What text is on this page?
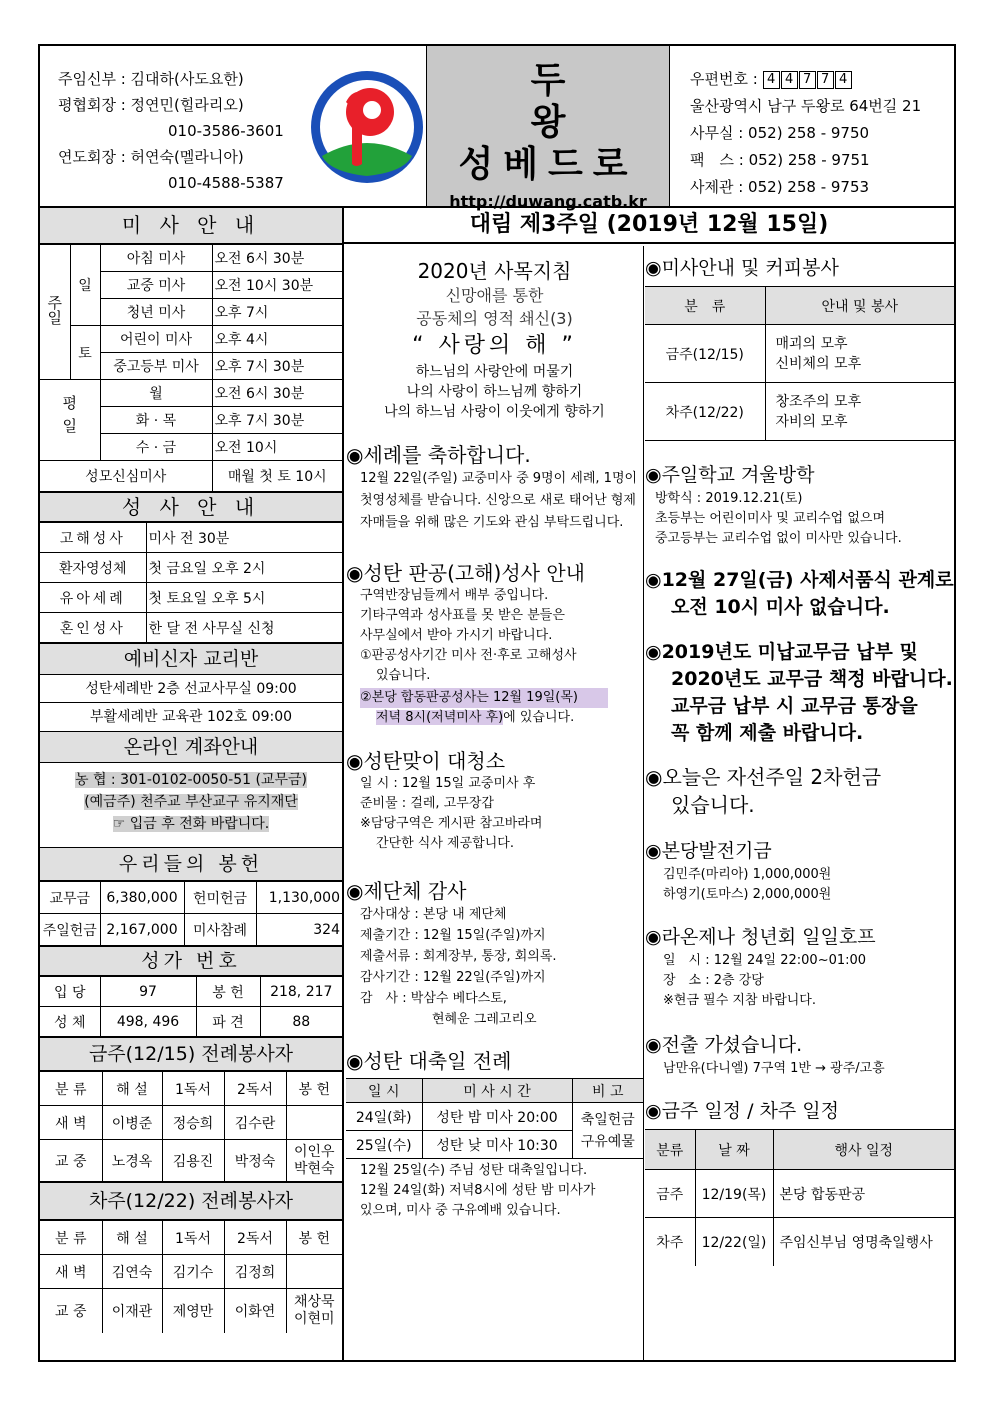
주임신부 : 김대하(사도요한)
평협회장 : 정연민(힐라리오)
010-3586-3601
연도회장 : 허연숙(멜라니아)
010-4588-5387
두 왕
성베드로
http://duwang.catb.kr
우편번호 : 4 4 7 7 4
울산광역시 남구 두왕로 64번길 21
사무실 : 052) 258 - 9750
팩　스 : 052) 258 - 9751
사제관 : 052) 258 - 9753
대림 제3주일 (2019년 12월 15일)
미 사 안 내
주일	일	아침 미사	오전 6시 30분
		교중 미사	오전 10시 30분
		청년 미사	오후 7시
	토	어린이 미사	오후 4시
		중고등부 미사	오후 7시 30분
평일		월	오전 6시 30분
		화 · 목	오후 7시 30분
		수 · 금	오전 10시
성모신심미사			매월 첫 토 10시
성 사 안 내
고해성사	미사 전 30분
환자영성체	첫 금요일 오후 2시
유아세례	첫 토요일 오후 5시
혼인성사	한 달 전 사무실 신청
예비신자 교리반
성탄세례반 2층 선교사무실 09:00
부활세례반 교육관 102호 09:00
온라인 계좌안내
농 협 : 301-0102-0050-51 (교무금)
(예금주) 천주교 부산교구 유지재단
☞ 입금 후 전화 바랍니다.
우리들의 봉헌
교무금	6,380,000	헌미헌금	1,130,000
주일헌금	2,167,000	미사참례	324
성가 번호
입 당	97	봉 헌	218, 217
성 체	498, 496	파 견	88
금주(12/15) 전례봉사자
분 류	해 설	1독서	2독서	봉 헌
새 벽	이병준	정승희	김수란	
교 중	노경옥	김용진	박정숙	이인우
박현숙
차주(12/22) 전례봉사자
분 류	해 설	1독서	2독서	봉 헌
새 벽	김연숙	김기수	김정희	
교 중	이재관	제영만	이화연	채상묵
이현미
2020년 사목지침
신망애를 통한
공동체의 영적 쇄신(3)
“ 사랑의 해 ”
하느님의 사랑안에 머물기
나의 사랑이 하느님께 향하기
나의 하느님 사랑이 이웃에게 향하기
◉세례를 축하합니다.
12월 22일(주일) 교중미사 중 9명이 세례, 1명이 첫영성체를 받습니다. 신앙으로 새로 태어난 형제자매들을 위해 많은 기도와 관심 부탁드립니다.
◉성탄 판공(고해)성사 안내
구역반장님들께서 배부 중입니다.
기타구역과 성사표를 못 받은 분들은
사무실에서 받아 가시기 바랍니다.
①판공성사기간 미사 전·후로 고해성사
있습니다.
②본당 합동판공성사는 12월 19일(목)
저녁 8시(저녁미사 후)에 있습니다.
◉성탄맞이 대청소
일 시 : 12월 15일 교중미사 후
준비물 : 걸레, 고무장갑
※담당구역은 게시판 참고바라며
간단한 식사 제공합니다.
◉제단체 감사
감사대상 : 본당 내 제단체
제출기간 : 12월 15일(주일)까지
제출서류 : 회계장부, 통장, 회의록.
감사기간 : 12월 22일(주일)까지
감　사 : 박삼수 베다스토,
현혜운 그레고리오
◉성탄 대축일 전례
일 시	미 사 시 간	비 고
24일(화)	성탄 밤 미사 20:00	축일헌금
구유예물
25일(수)	성탄 낮 미사 10:30	
12월 25일(수) 주님 성탄 대축일입니다.
12월 24일(화) 저녁8시에 성탄 밤 미사가
있으며, 미사 중 구유예배 있습니다.
◉미사안내 및 커피봉사
분　류	안내 및 봉사
금주(12/15)	매괴의 모후
신비체의 모후
차주(12/22)	창조주의 모후
자비의 모후
◉주일학교 겨울방학
방학식 : 2019.12.21(토)
초등부는 어린이미사 및 교리수업 없으며
중고등부는 교리수업 없이 미사만 있습니다.
◉12월 27일(금) 사제서품식 관계로
오전 10시 미사 없습니다.
◉2019년도 미납교무금 납부 및
2020년도 교무금 책정 바랍니다.
교무금 납부 시 교무금 통장을
꼭 함께 제출 바랍니다.
◉오늘은 자선주일 2차헌금
있습니다.
◉본당발전기금
김민주(마리아) 1,000,000원
하영기(토마스) 2,000,000원
◉라온제나 청년회 일일호프
일　시 : 12월 24일 22:00~01:00
장　소 : 2층 강당
※현금 필수 지참 바랍니다.
◉전출 가셨습니다.
남만유(다니엘) 7구역 1반 → 광주/고흥
◉금주 일정 / 차주 일정
분류	날 짜	행사 일정
금주	12/19(목)	본당 합동판공
차주	12/22(일)	주임신부님 영명축일행사
